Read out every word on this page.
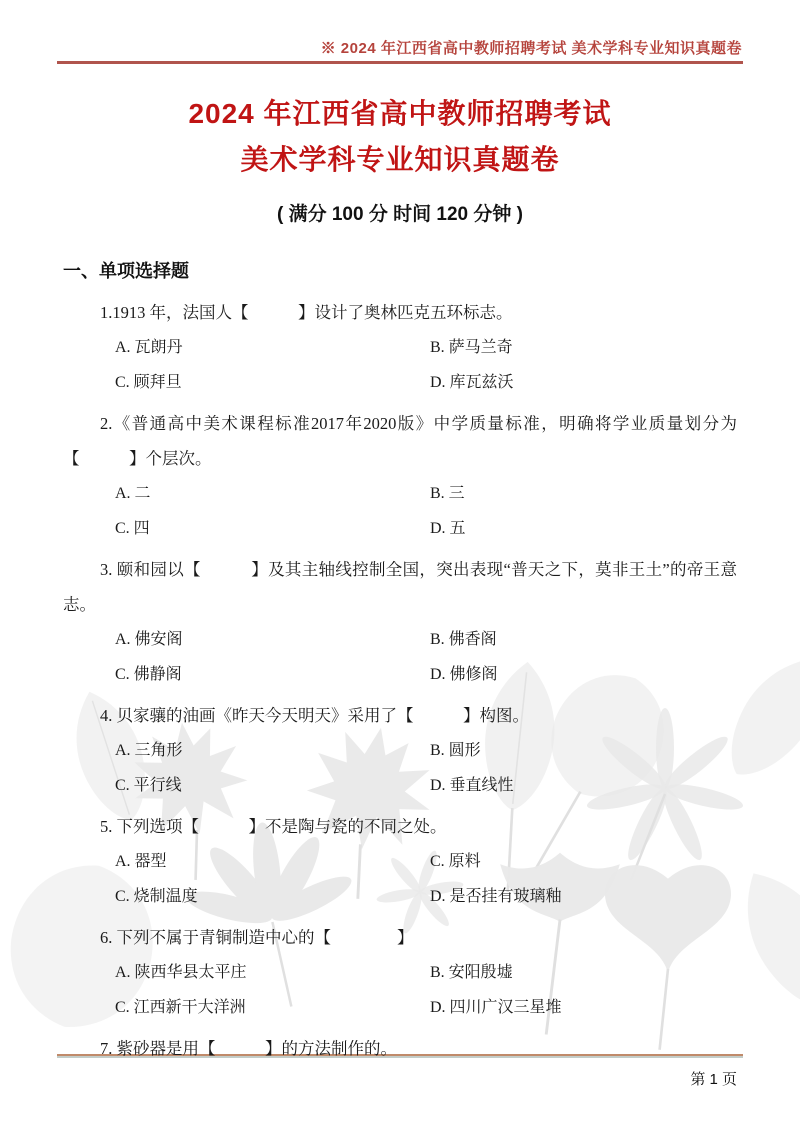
※ 2024 年江西省高中教师招聘考试 美术学科专业知识真题卷
2024 年江西省高中教师招聘考试
美术学科专业知识真题卷
( 满分 100 分 时间 120 分钟 )
一、单项选择题
1.1913 年，法国人【　　　】设计了奥林匹克五环标志。
A. 瓦朗丹	B. 萨马兰奇
C. 顾拜旦	D. 库瓦兹沃
2.《普通高中美术课程标准2017年2020版》中学质量标准，明确将学业质量划分为【　　　】个层次。
A. 二	B. 三
C. 四	D. 五
3. 颐和园以【　　　】及其主轴线控制全国，突出表现“普天之下，莫非王土”的帝王意志。
A. 佛安阁	B. 佛香阁
C. 佛静阁	D. 佛修阁
4. 贝家骧的油画《昨天今天明天》采用了【　　　】构图。
A. 三角形	B. 圆形
C. 平行线	D. 垂直线性
5. 下列选项【　　　】不是陶与瓷的不同之处。
A. 器型	C. 原料
C. 烧制温度	D. 是否挂有玻璃釉
6. 下列不属于青铜制造中心的【　　　　】
A. 陕西华县太平庄	B. 安阳殷墟
C. 江西新干大洋洲	D. 四川广汉三星堆
7. 紫砂器是用【　　　】的方法制作的。
第 1 页
